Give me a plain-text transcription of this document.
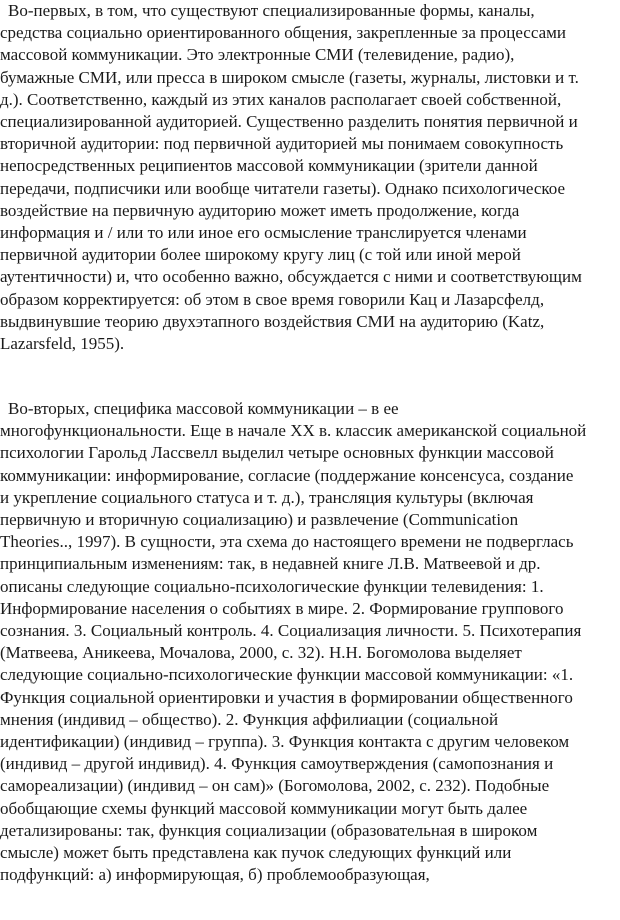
Во-первых, в том, что существуют специализированные формы, каналы,
средства социально ориентированного общения, закрепленные за процессами
массовой коммуникации. Это электронные СМИ (телевидение, радио),
бумажные СМИ, или пресса в широком смысле (газеты, журналы, листовки и т.
д.). Соответственно, каждый из этих каналов располагает своей собственной,
специализированной аудиторией. Существенно разделить понятия первичной и
вторичной аудитории: под первичной аудиторией мы понимаем совокупность
непосредственных реципиентов массовой коммуникации (зрители данной
передачи, подписчики или вообще читатели газеты). Однако психологическое
воздействие на первичную аудиторию может иметь продолжение, когда
информация и / или то или иное его осмысление транслируется членами
первичной аудитории более широкому кругу лиц (с той или иной мерой
аутентичности) и, что особенно важно, обсуждается с ними и соответствующим
образом корректируется: об этом в свое время говорили Кац и Лазарсфелд,
выдвинувшие теорию двухэтапного воздействия СМИ на аудиторию (Katz,
Lazarsfeld, 1955).
Во-вторых, специфика массовой коммуникации – в ее
многофункциональности. Еще в начале XX в. классик американской социальной
психологии Гарольд Лассвелл выделил четыре основных функции массовой
коммуникации: информирование, согласие (поддержание консенсуса, создание
и укрепление социального статуса и т. д.), трансляция культуры (включая
первичную и вторичную социализацию) и развлечение (Communication
Theories.., 1997). В сущности, эта схема до настоящего времени не подверглась
принципиальным изменениям: так, в недавней книге Л.В. Матвеевой и др.
описаны следующие социально-психологические функции телевидения: 1.
Информирование населения о событиях в мире. 2. Формирование группового
сознания. 3. Социальный контроль. 4. Социализация личности. 5. Психотерапия
(Матвеева, Аникеева, Мочалова, 2000, с. 32). Н.Н. Богомолова выделяет
следующие социально-психологические функции массовой коммуникации: «1.
Функция социальной ориентировки и участия в формировании общественного
мнения (индивид – общество). 2. Функция аффилиации (социальной
идентификации) (индивид – группа). 3. Функция контакта с другим человеком
(индивид – другой индивид). 4. Функция самоутверждения (самопознания и
самореализации) (индивид – он сам)» (Богомолова, 2002, с. 232). Подобные
обобщающие схемы функций массовой коммуникации могут быть далее
детализированы: так, функция социализации (образовательная в широком
смысле) может быть представлена как пучок следующих функций или
подфункций: а) информирующая, б) проблемообразующая,
